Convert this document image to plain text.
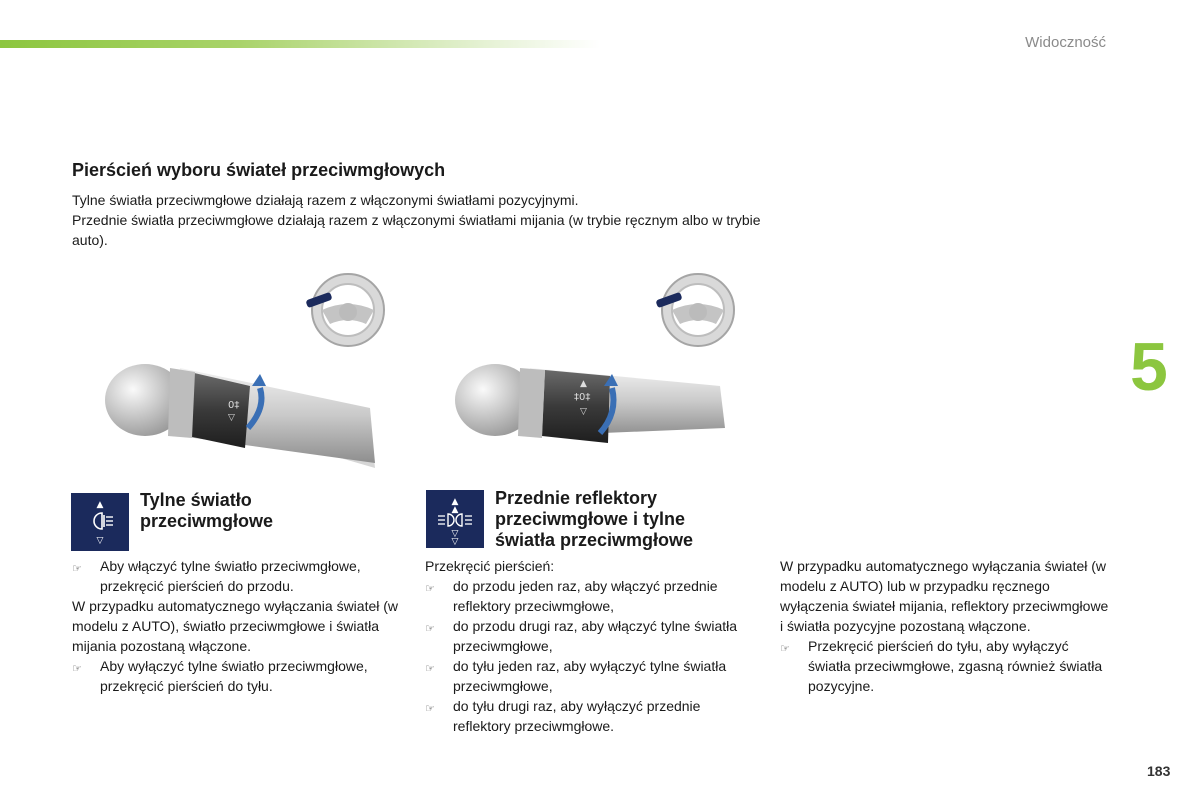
Widoczność
5
Pierścień wyboru świateł przeciwmgłowych

Tylne światła przeciwmgłowe działają razem z włączonymi światłami pozycyjnymi.

Przednie światła przeciwmgłowe działają razem z włączonymi światłami mijania (w trybie ręcznym albo w trybie auto).

0‡
▽
▲
‡0‡
▽
▲
▽
Tylne światło
przeciwmgłowe

☞ Aby włączyć tylne światło przeciwmgłowe, przekręcić pierścień do przodu.

W przypadku automatycznego wyłączania świateł (w modelu z AUTO), światło przeciwmgłowe i światła mijania pozostaną włączone.

☞ Aby wyłączyć tylne światło przeciwmgłowe, przekręcić pierścień do tyłu.

▲
▲
▽
▽
Przednie reflektory
przeciwmgłowe i tylne
światła przeciwmgłowe

Przekręcić pierścień:

☞ do przodu jeden raz, aby włączyć przednie reflektory przeciwmgłowe,

☞ do przodu drugi raz, aby włączyć tylne światła przeciwmgłowe,

☞ do tyłu jeden raz, aby wyłączyć tylne światła przeciwmgłowe,

☞ do tyłu drugi raz, aby wyłączyć przednie reflektory przeciwmgłowe.

W przypadku automatycznego wyłączania świateł (w modelu z AUTO) lub w przypadku ręcznego wyłączenia świateł mijania, reflektory przeciwmgłowe i światła pozycyjne pozostaną włączone.

☞ Przekręcić pierścień do tyłu, aby wyłączyć światła przeciwmgłowe, zgasną również światła pozycyjne.

183
